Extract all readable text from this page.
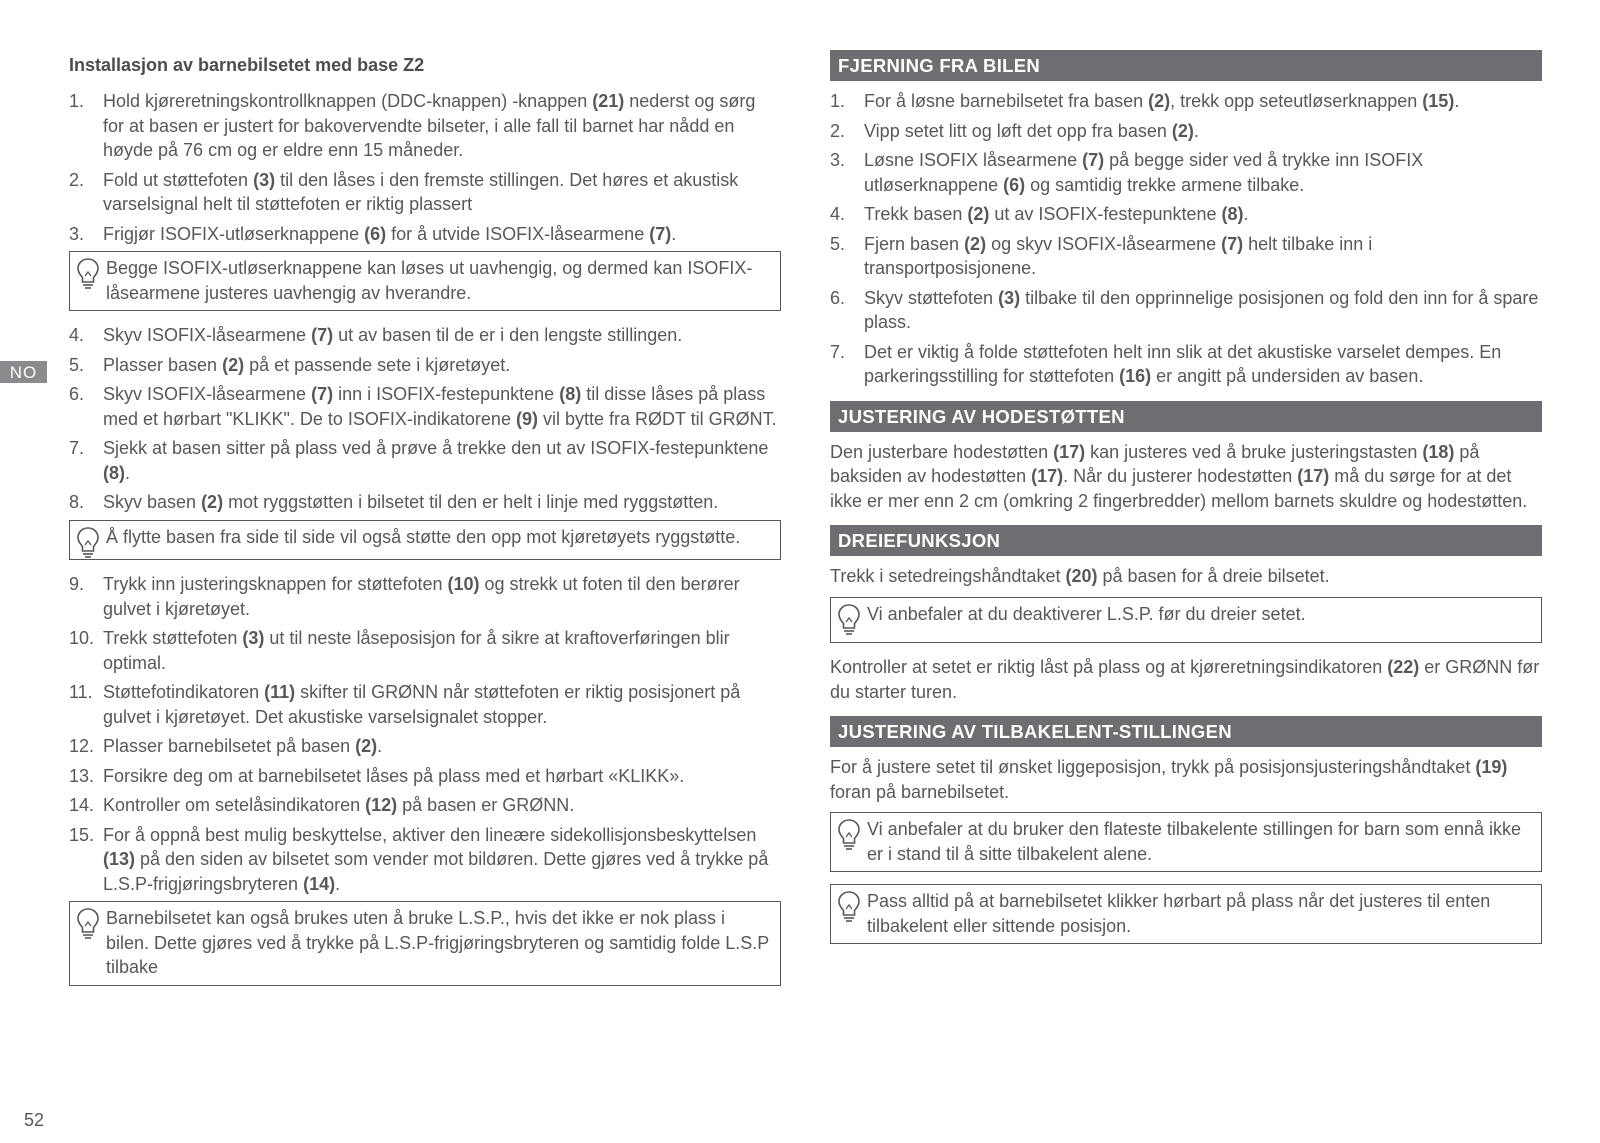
NO
Installasjon av barnebilsetet med base Z2
1. Hold kjøreretningskontrollknappen (DDC-knappen) -knappen (21) nederst og sørg for at basen er justert for bakovervendte bilseter, i alle fall til barnet har nådd en høyde på 76 cm og er eldre enn 15 måneder.
2. Fold ut støttefoten (3) til den låses i den fremste stillingen. Det høres et akustisk varselsignal helt til støttefoten er riktig plassert
3. Frigjør ISOFIX-utløserknappene (6) for å utvide ISOFIX-låsearmene (7).
Begge ISOFIX-utløserknappene kan løses ut uavhengig, og dermed kan ISOFIX-låsearmene justeres uavhengig av hverandre.
4. Skyv ISOFIX-låsearmene (7) ut av basen til de er i den lengste stillingen.
5. Plasser basen (2) på et passende sete i kjøretøyet.
6. Skyv ISOFIX-låsearmene (7) inn i ISOFIX-festepunktene (8) til disse låses på plass med et hørbart "KLIKK". De to ISOFIX-indikatorene (9) vil bytte fra RØDT til GRØNT.
7. Sjekk at basen sitter på plass ved å prøve å trekke den ut av ISOFIX-festepunktene (8).
8. Skyv basen (2) mot ryggstøtten i bilsetet til den er helt i linje med ryggstøtten.
Å flytte basen fra side til side vil også støtte den opp mot kjøretøyets ryggstøtte.
9. Trykk inn justeringsknappen for støttefoten (10) og strekk ut foten til den berører gulvet i kjøretøyet.
10. Trekk støttefoten (3) ut til neste låseposisjon for å sikre at kraftoverføringen blir optimal.
11. Støttefotindikatoren (11) skifter til GRØNN når støttefoten er riktig posisjonert på gulvet i kjøretøyet. Det akustiske varselsignalet stopper.
12. Plasser barnebilsetet på basen (2).
13. Forsikre deg om at barnebilsetet låses på plass med et hørbart «KLIKK».
14. Kontroller om setelåsindikatoren (12) på basen er GRØNN.
15. For å oppnå best mulig beskyttelse, aktiver den lineære sidekollisjonsbeskyttelsen (13) på den siden av bilsetet som vender mot bildøren. Dette gjøres ved å trykke på L.S.P-frigjøringsbryteren (14).
Barnebilsetet kan også brukes uten å bruke L.S.P., hvis det ikke er nok plass i bilen. Dette gjøres ved å trykke på L.S.P-frigjøringsbryteren og samtidig folde L.S.P tilbake
FJERNING FRA BILEN
1. For å løsne barnebilsetet fra basen (2), trekk opp seteutløserknappen (15).
2. Vipp setet litt og løft det opp fra basen (2).
3. Løsne ISOFIX låsearmene (7) på begge sider ved å trykke inn ISOFIX utløserknappene (6) og samtidig trekke armene tilbake.
4. Trekk basen (2) ut av ISOFIX-festepunktene (8).
5. Fjern basen (2) og skyv ISOFIX-låsearmene (7) helt tilbake inn i transportposisjonene.
6. Skyv støttefoten (3) tilbake til den opprinnelige posisjonen og fold den inn for å spare plass.
7. Det er viktig å folde støttefoten helt inn slik at det akustiske varselet dempes. En parkeringsstilling for støttefoten (16) er angitt på undersiden av basen.
JUSTERING AV HODESTØTTEN
Den justerbare hodestøtten (17) kan justeres ved å bruke justeringstasten (18) på baksiden av hodestøtten (17). Når du justerer hodestøtten (17) må du sørge for at det ikke er mer enn 2 cm (omkring 2 fingerbredder) mellom barnets skuldre og hodestøtten.
DREIEFUNKSJON
Trekk i setedreingshåndtaket (20) på basen for å dreie bilsetet.
Vi anbefaler at du deaktiverer L.S.P. før du dreier setet.
Kontroller at setet er riktig låst på plass og at kjøreretningsindikatoren (22) er GRØNN før du starter turen.
JUSTERING AV TILBAKELENT-STILLINGEN
For å justere setet til ønsket liggeposisjon, trykk på posisjonsjusteringshåndtaket (19) foran på barnebilsetet.
Vi anbefaler at du bruker den flateste tilbakelente stillingen for barn som ennå ikke er i stand til å sitte tilbakelent alene.
Pass alltid på at barnebilsetet klikker hørbart på plass når det justeres til enten tilbakelent eller sittende posisjon.
52
